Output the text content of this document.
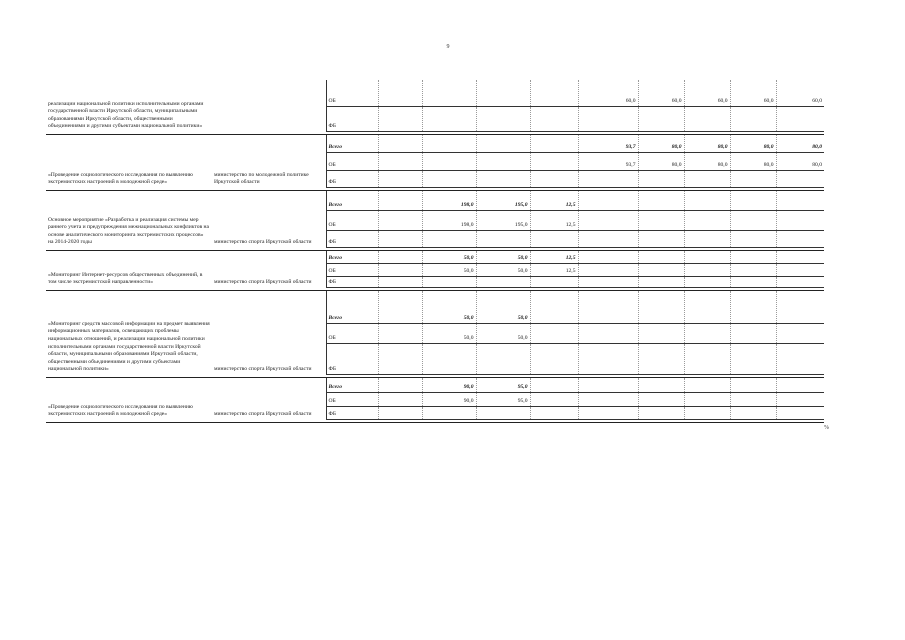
9
реализации национальной политики исполнительными органами государственной власти Иркутской области, муниципальными образованиями Иркутской области, общественными объединениями и другими субъектами национальной политики»		ОБ					60,0	60,0	60,0	60,0	60,0
		ФБ									

«Проведение социологического исследования по выявлению экстремистских настроений в молодежной среде»	министерство по молодежной политике Иркутской области	Всего					93,7	80,0	80,0	80,0	80,0
		ОБ					93,7	80,0	80,0	80,0	80,0
		ФБ									

Основное мероприятие «Разработка и реализация системы мер раннего учета и предупреждения межнациональных конфликтов на основе аналитического мониторинга экстремистских процессов» на 2014-2020 годы	министерство спорта Иркутской области	Всего		198,0	195,0	12,5					
		ОБ		198,0	195,0	12,5					
		ФБ									

«Мониторинг Интернет-ресурсов общественных объединений, в том числе экстремистской направленности»	министерство спорта Иркутской области	Всего		50,0	50,0	12,5					
		ОБ		50,0	50,0	12,5					
		ФБ									

«Мониторинг средств массовой информации на предмет выявления информационных материалов, освещающих проблемы национальных отношений, и реализации национальной политики исполнительными органами государственной власти Иркутской области, муниципальными образованиями Иркутской области, общественными объединениями и другими субъектами национальной политики»	министерство спорта Иркутской области	Всего		50,0	50,0						
		ОБ		50,0	50,0						
		ФБ									

«Проведение социологического исследования по выявлению экстремистских настроений в молодежной среде»	министерство спорта Иркутской области	Всего		90,0	95,0						
		ОБ		90,0	95,0						
		ФБ									

%
